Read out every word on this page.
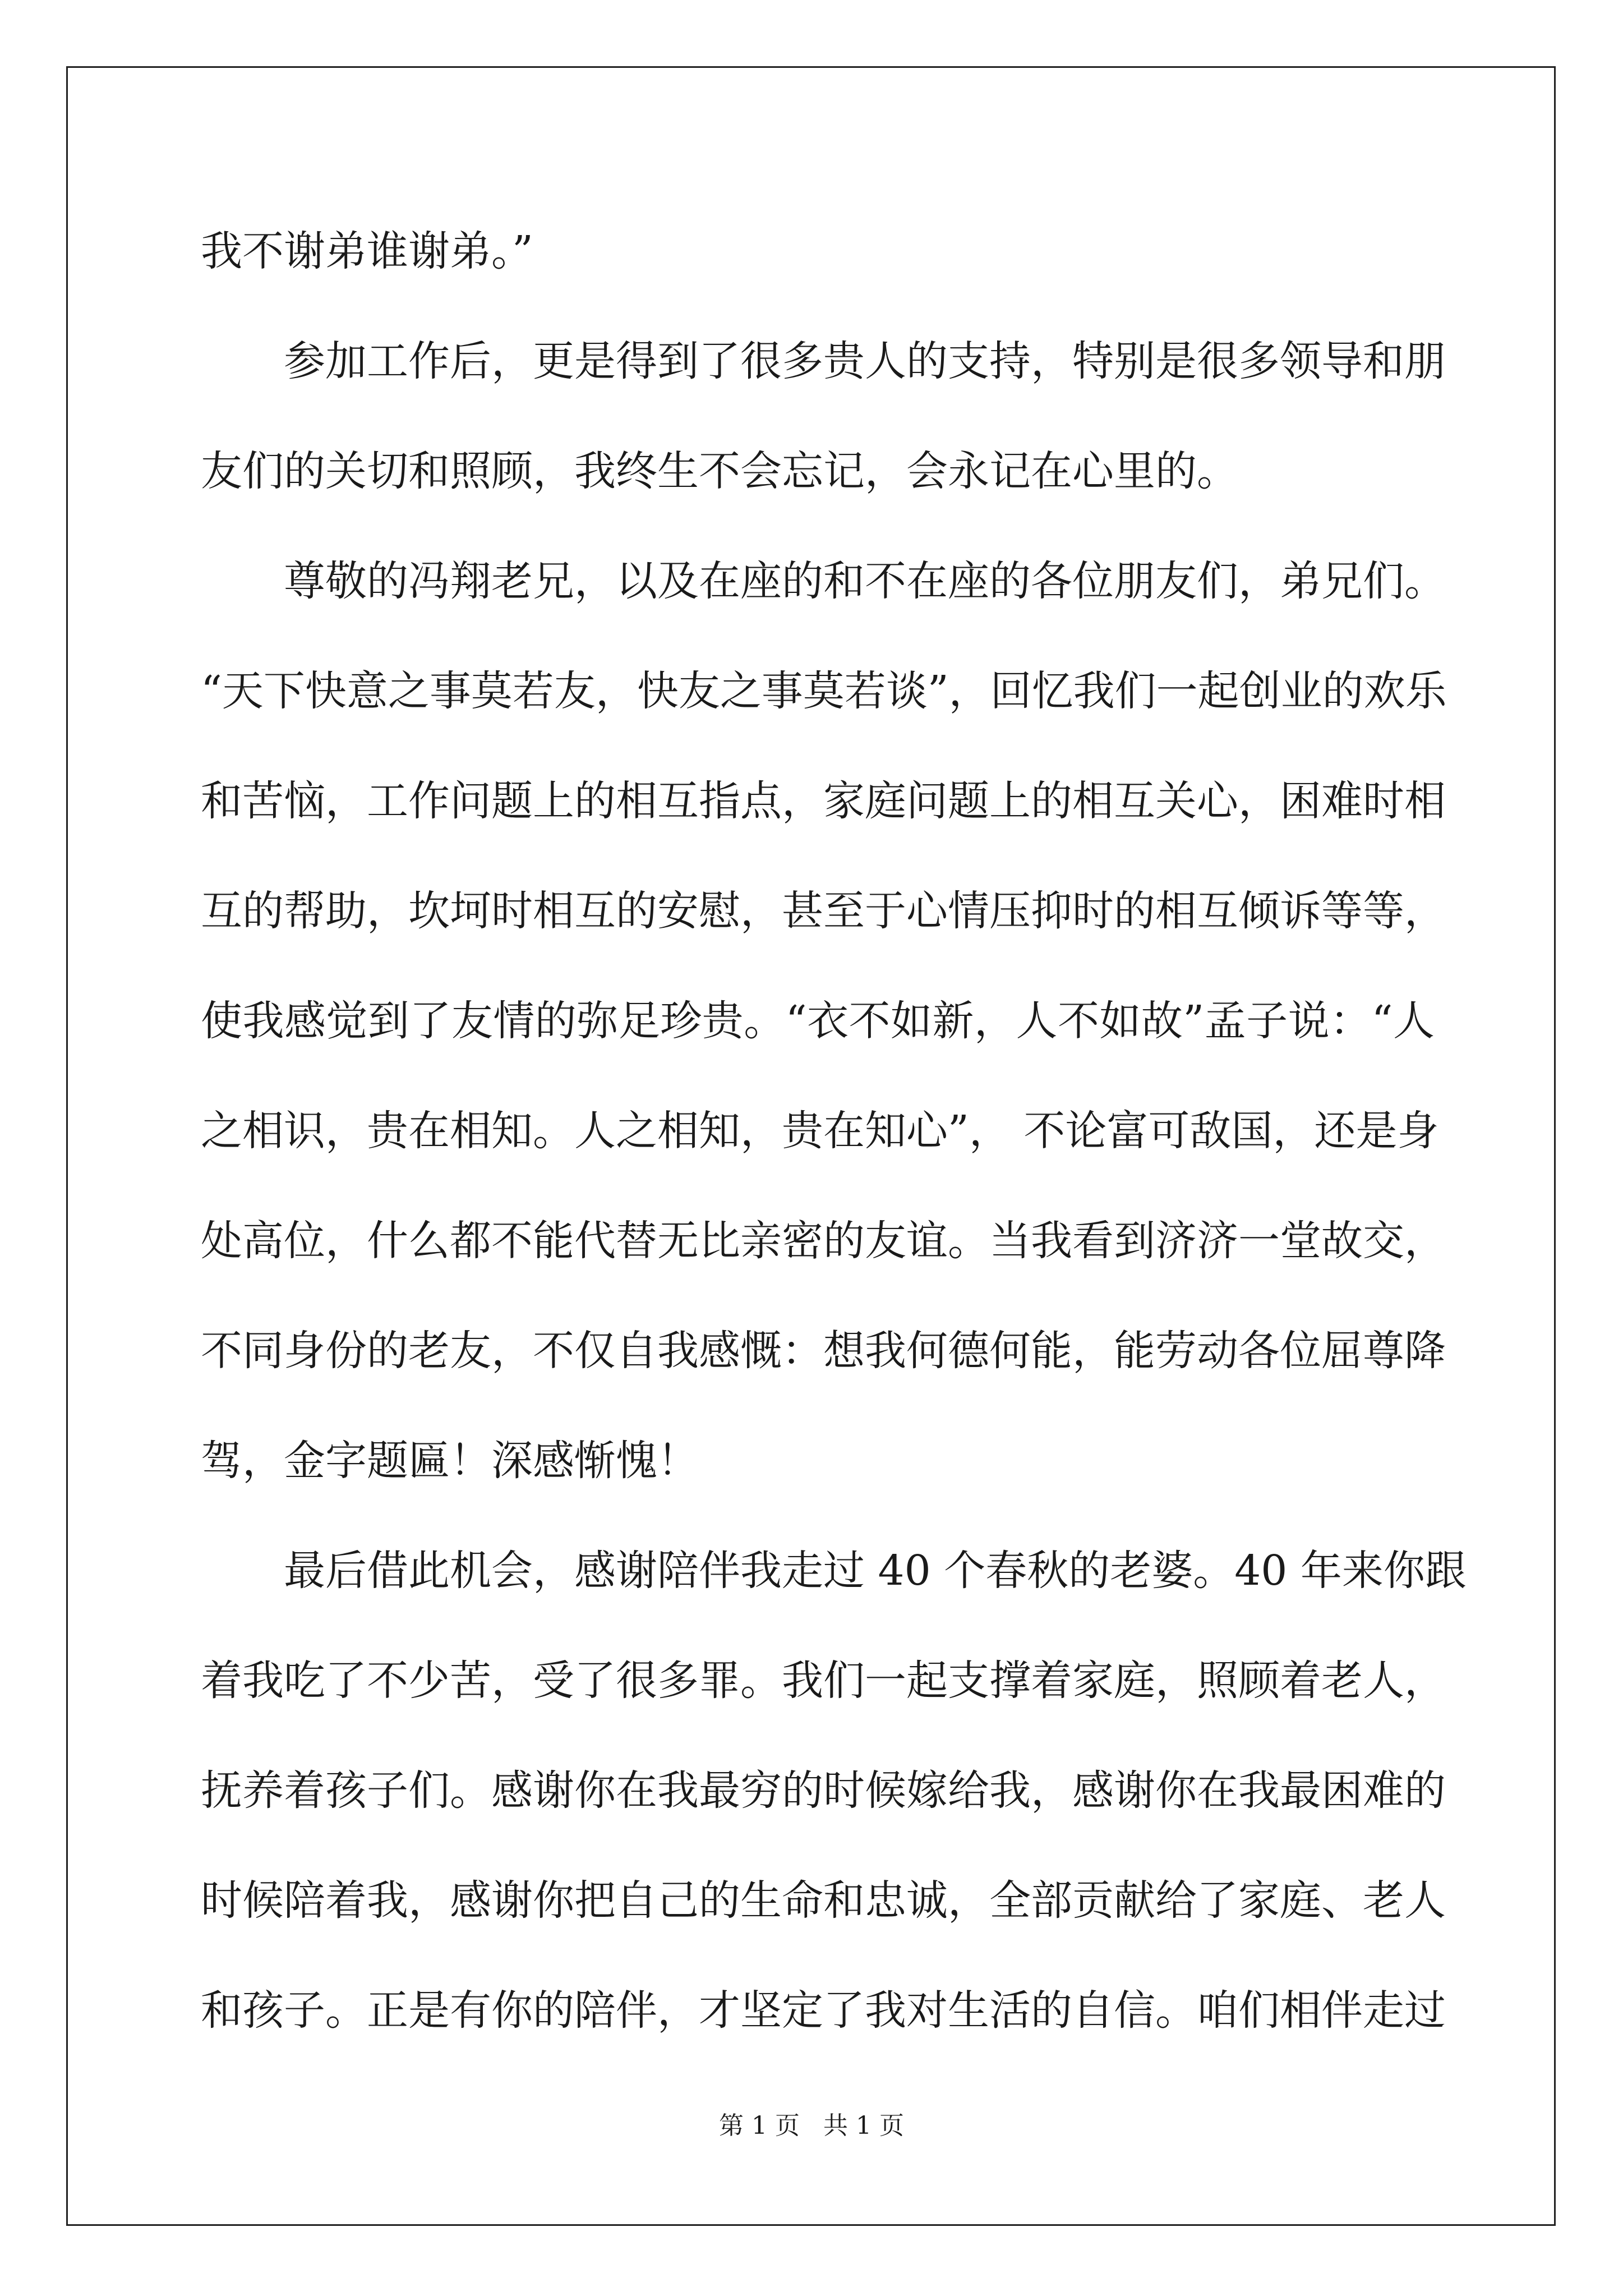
我不谢弟谁谢弟。”
参加工作后，更是得到了很多贵人的支持，特别是很多领导和朋
友们的关切和照顾，我终生不会忘记，会永记在心里的。
尊敬的冯翔老兄，以及在座的和不在座的各位朋友们，弟兄们。
“天下快意之事莫若友，快友之事莫若谈”，回忆我们一起创业的欢乐
和苦恼，工作问题上的相互指点，家庭问题上的相互关心，困难时相
互的帮助，坎坷时相互的安慰，甚至于心情压抑时的相互倾诉等等，
使我感觉到了友情的弥足珍贵。“衣不如新，人不如故”孟子说：“人
之相识，贵在相知。人之相知，贵在知心”， 不论富可敌国，还是身
处高位，什么都不能代替无比亲密的友谊。当我看到济济一堂故交，
不同身份的老友，不仅自我感慨：想我何德何能，能劳动各位屈尊降
驾，金字题匾！深感惭愧！
最后借此机会，感谢陪伴我走过 40 个春秋的老婆。40 年来你跟
着我吃了不少苦，受了很多罪。我们一起支撑着家庭，照顾着老人，
抚养着孩子们。感谢你在我最穷的时候嫁给我，感谢你在我最困难的
时候陪着我，感谢你把自己的生命和忠诚，全部贡献给了家庭、老人
和孩子。正是有你的陪伴，才坚定了我对生活的自信。咱们相伴走过
第 1 页   共 1 页
